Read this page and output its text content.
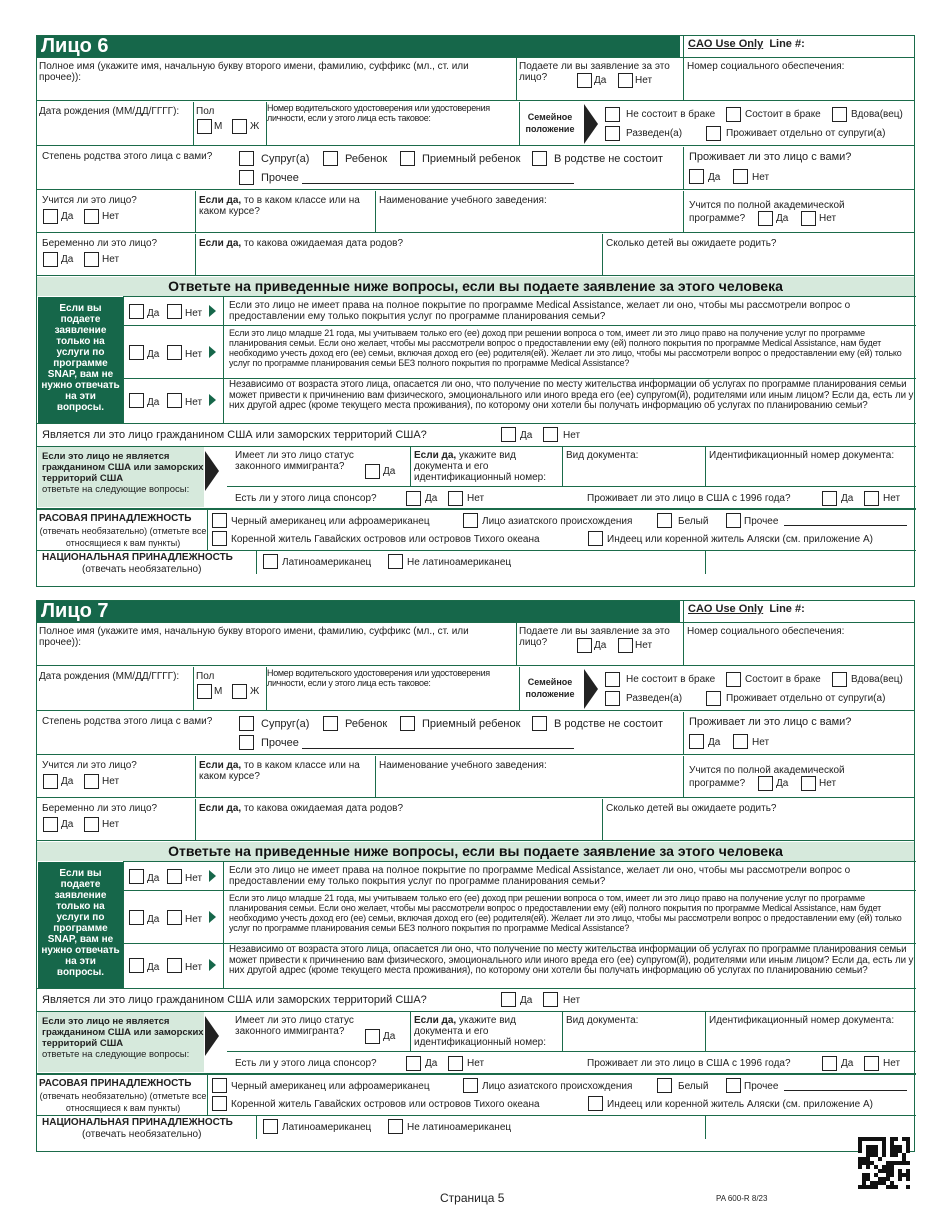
Лицо 6	CAO Use Only Line #:
Полное имя (укажите имя, начальную букву второго имени, фамилию, суффикс (мл., ст. или прочее)):
Подаете ли вы заявление за это лицо?	Да	Нет
Номер социального обеспечения:
Дата рождения (ММ/ДД/ГГГГ): Пол
М	Ж
Номер водительского удостоверения или удостоверения личности, если у этого лица есть таковое:	Семейное положение
Не состоит в браке	Состоит в браке	Вдова(вец)
Разведен(а)	Проживает отдельно от супруги(а)
Степень родства этого лица с вами?	Супруг(а)	Ребенок	Приемный ребенок	В родстве не состоит
Прочее
Проживает ли это лицо с вами?
Да	Нет
Учится ли это лицо?
Да	Нет
Если да, то в каком классе или на каком курсе?
Наименование учебного заведения:	Учится по полной академической программе?	Да	Нет
Беременно ли это лицо?
Да	Нет
Если да, то какова ожидаемая дата родов?	Сколько детей вы ожидаете родить?
Ответьте на приведенные ниже вопросы, если вы подаете заявление за этого человека
Если вы подаете заявление только на услуги по программе SNAP, вам не нужно отвечать на эти вопросы.
Да	Нет
Если это лицо не имеет права на полное покрытие по программе Medical Assistance, желает ли оно, чтобы мы рассмотрели вопрос о предоставлении ему только покрытия услуг по программе планирования семьи?
Да	Нет
Если это лицо младше 21 года, мы учитываем только его (ее) доход при решении вопроса о том, имеет ли это лицо право на получение услуг по программе планирования семьи. Если оно желает, чтобы мы рассмотрели вопрос о предоставлении ему (ей) полного покрытия по программе Medical Assistance, нам будет необходимо учесть доход его (ее) семьи, включая доход его (ее) родителя(ей). Желает ли это лицо, чтобы мы рассмотрели вопрос о предоставлении ему (ей) только услуг по программе планирования семьи БЕЗ полного покрытия по программе Medical Assistance?
Да	Нет
Независимо от возраста этого лица, опасается ли оно, что получение по месту жительства информации об услугах по программе планирования семьи может привести к причинению вам физического, эмоционального или иного вреда его (ее) супругом(й), родителями или иным лицом? Если да, есть ли у них другой адрес (кроме текущего места проживания), по которому они хотели бы получать информацию об услугах по планированию семьи?
Является ли это лицо гражданином США или заморских территорий США?	Да	Нет
Если это лицо не является гражданином США или заморских территорий США
ответьте на следующие вопросы:
Имеет ли это лицо статус законного иммигранта?	Да
Если да, укажите вид документа и его идентификационный номер:
Вид документа:	Идентификационный номер документа:
Есть ли у этого лица спонсор?	Да	Нет	Проживает ли это лицо в США с 1996 года?	Да	Нет
РАСОВАЯ ПРИНАДЛЕЖНОСТЬ
(отвечать необязательно) (отметьте все относящиеся к вам пункты)
Черный американец или афроамериканец	Лицо азиатского происхождения	Белый	Прочее
Коренной житель Гавайских островов или островов Тихого океана	Индеец или коренной житель Аляски (см. приложение А)
НАЦИОНАЛЬНАЯ ПРИНАДЛЕЖНОСТЬ
(отвечать необязательно)
Латиноамериканец	Не латиноамериканец
Лицо 7	CAO Use Only Line #:
Полное имя (укажите имя, начальную букву второго имени, фамилию, суффикс (мл., ст. или прочее)):
Подаете ли вы заявление за это лицо?	Да	Нет
Номер социального обеспечения:
Дата рождения (ММ/ДД/ГГГГ): Пол
М	Ж
Номер водительского удостоверения или удостоверения личности, если у этого лица есть таковое:	Семейное положение
Не состоит в браке	Состоит в браке	Вдова(вец)
Разведен(а)	Проживает отдельно от супруги(а)
Степень родства этого лица с вами?	Супруг(а)	Ребенок	Приемный ребенок	В родстве не состоит
Прочее
Проживает ли это лицо с вами?
Да	Нет
Учится ли это лицо?
Да	Нет
Если да, то в каком классе или на каком курсе?
Наименование учебного заведения:	Учится по полной академической программе?	Да	Нет
Беременно ли это лицо?
Да	Нет
Если да, то какова ожидаемая дата родов?	Сколько детей вы ожидаете родить?
Ответьте на приведенные ниже вопросы, если вы подаете заявление за этого человека
Если вы подаете заявление только на услуги по программе SNAP, вам не нужно отвечать на эти вопросы.
Да	Нет
Если это лицо не имеет права на полное покрытие по программе Medical Assistance, желает ли оно, чтобы мы рассмотрели вопрос о предоставлении ему только покрытия услуг по программе планирования семьи?
Да	Нет
Если это лицо младше 21 года, мы учитываем только его (ее) доход при решении вопроса о том, имеет ли это лицо право на получение услуг по программе планирования семьи. Если оно желает, чтобы мы рассмотрели вопрос о предоставлении ему (ей) полного покрытия по программе Medical Assistance, нам будет необходимо учесть доход его (ее) семьи, включая доход его (ее) родителя(ей). Желает ли это лицо, чтобы мы рассмотрели вопрос о предоставлении ему (ей) только услуг по программе планирования семьи БЕЗ полного покрытия по программе Medical Assistance?
Да	Нет
Независимо от возраста этого лица, опасается ли оно, что получение по месту жительства информации об услугах по программе планирования семьи может привести к причинению вам физического, эмоционального или иного вреда его (ее) супругом(й), родителями или иным лицом? Если да, есть ли у них другой адрес (кроме текущего места проживания), по которому они хотели бы получать информацию об услугах по планированию семьи?
Является ли это лицо гражданином США или заморских территорий США?	Да	Нет
Если это лицо не является гражданином США или заморских территорий США
ответьте на следующие вопросы:
Имеет ли это лицо статус законного иммигранта?	Да
Если да, укажите вид документа и его идентификационный номер:
Вид документа:	Идентификационный номер документа:
Есть ли у этого лица спонсор?	Да	Нет	Проживает ли это лицо в США с 1996 года?	Да	Нет
РАСОВАЯ ПРИНАДЛЕЖНОСТЬ
(отвечать необязательно) (отметьте все относящиеся к вам пункты)
Черный американец или афроамериканец	Лицо азиатского происхождения	Белый	Прочее
Коренной житель Гавайских островов или островов Тихого океана	Индеец или коренной житель Аляски (см. приложение А)
НАЦИОНАЛЬНАЯ ПРИНАДЛЕЖНОСТЬ
(отвечать необязательно)
Латиноамериканец	Не латиноамериканец
Страница 5	PA 600-R 8/23
